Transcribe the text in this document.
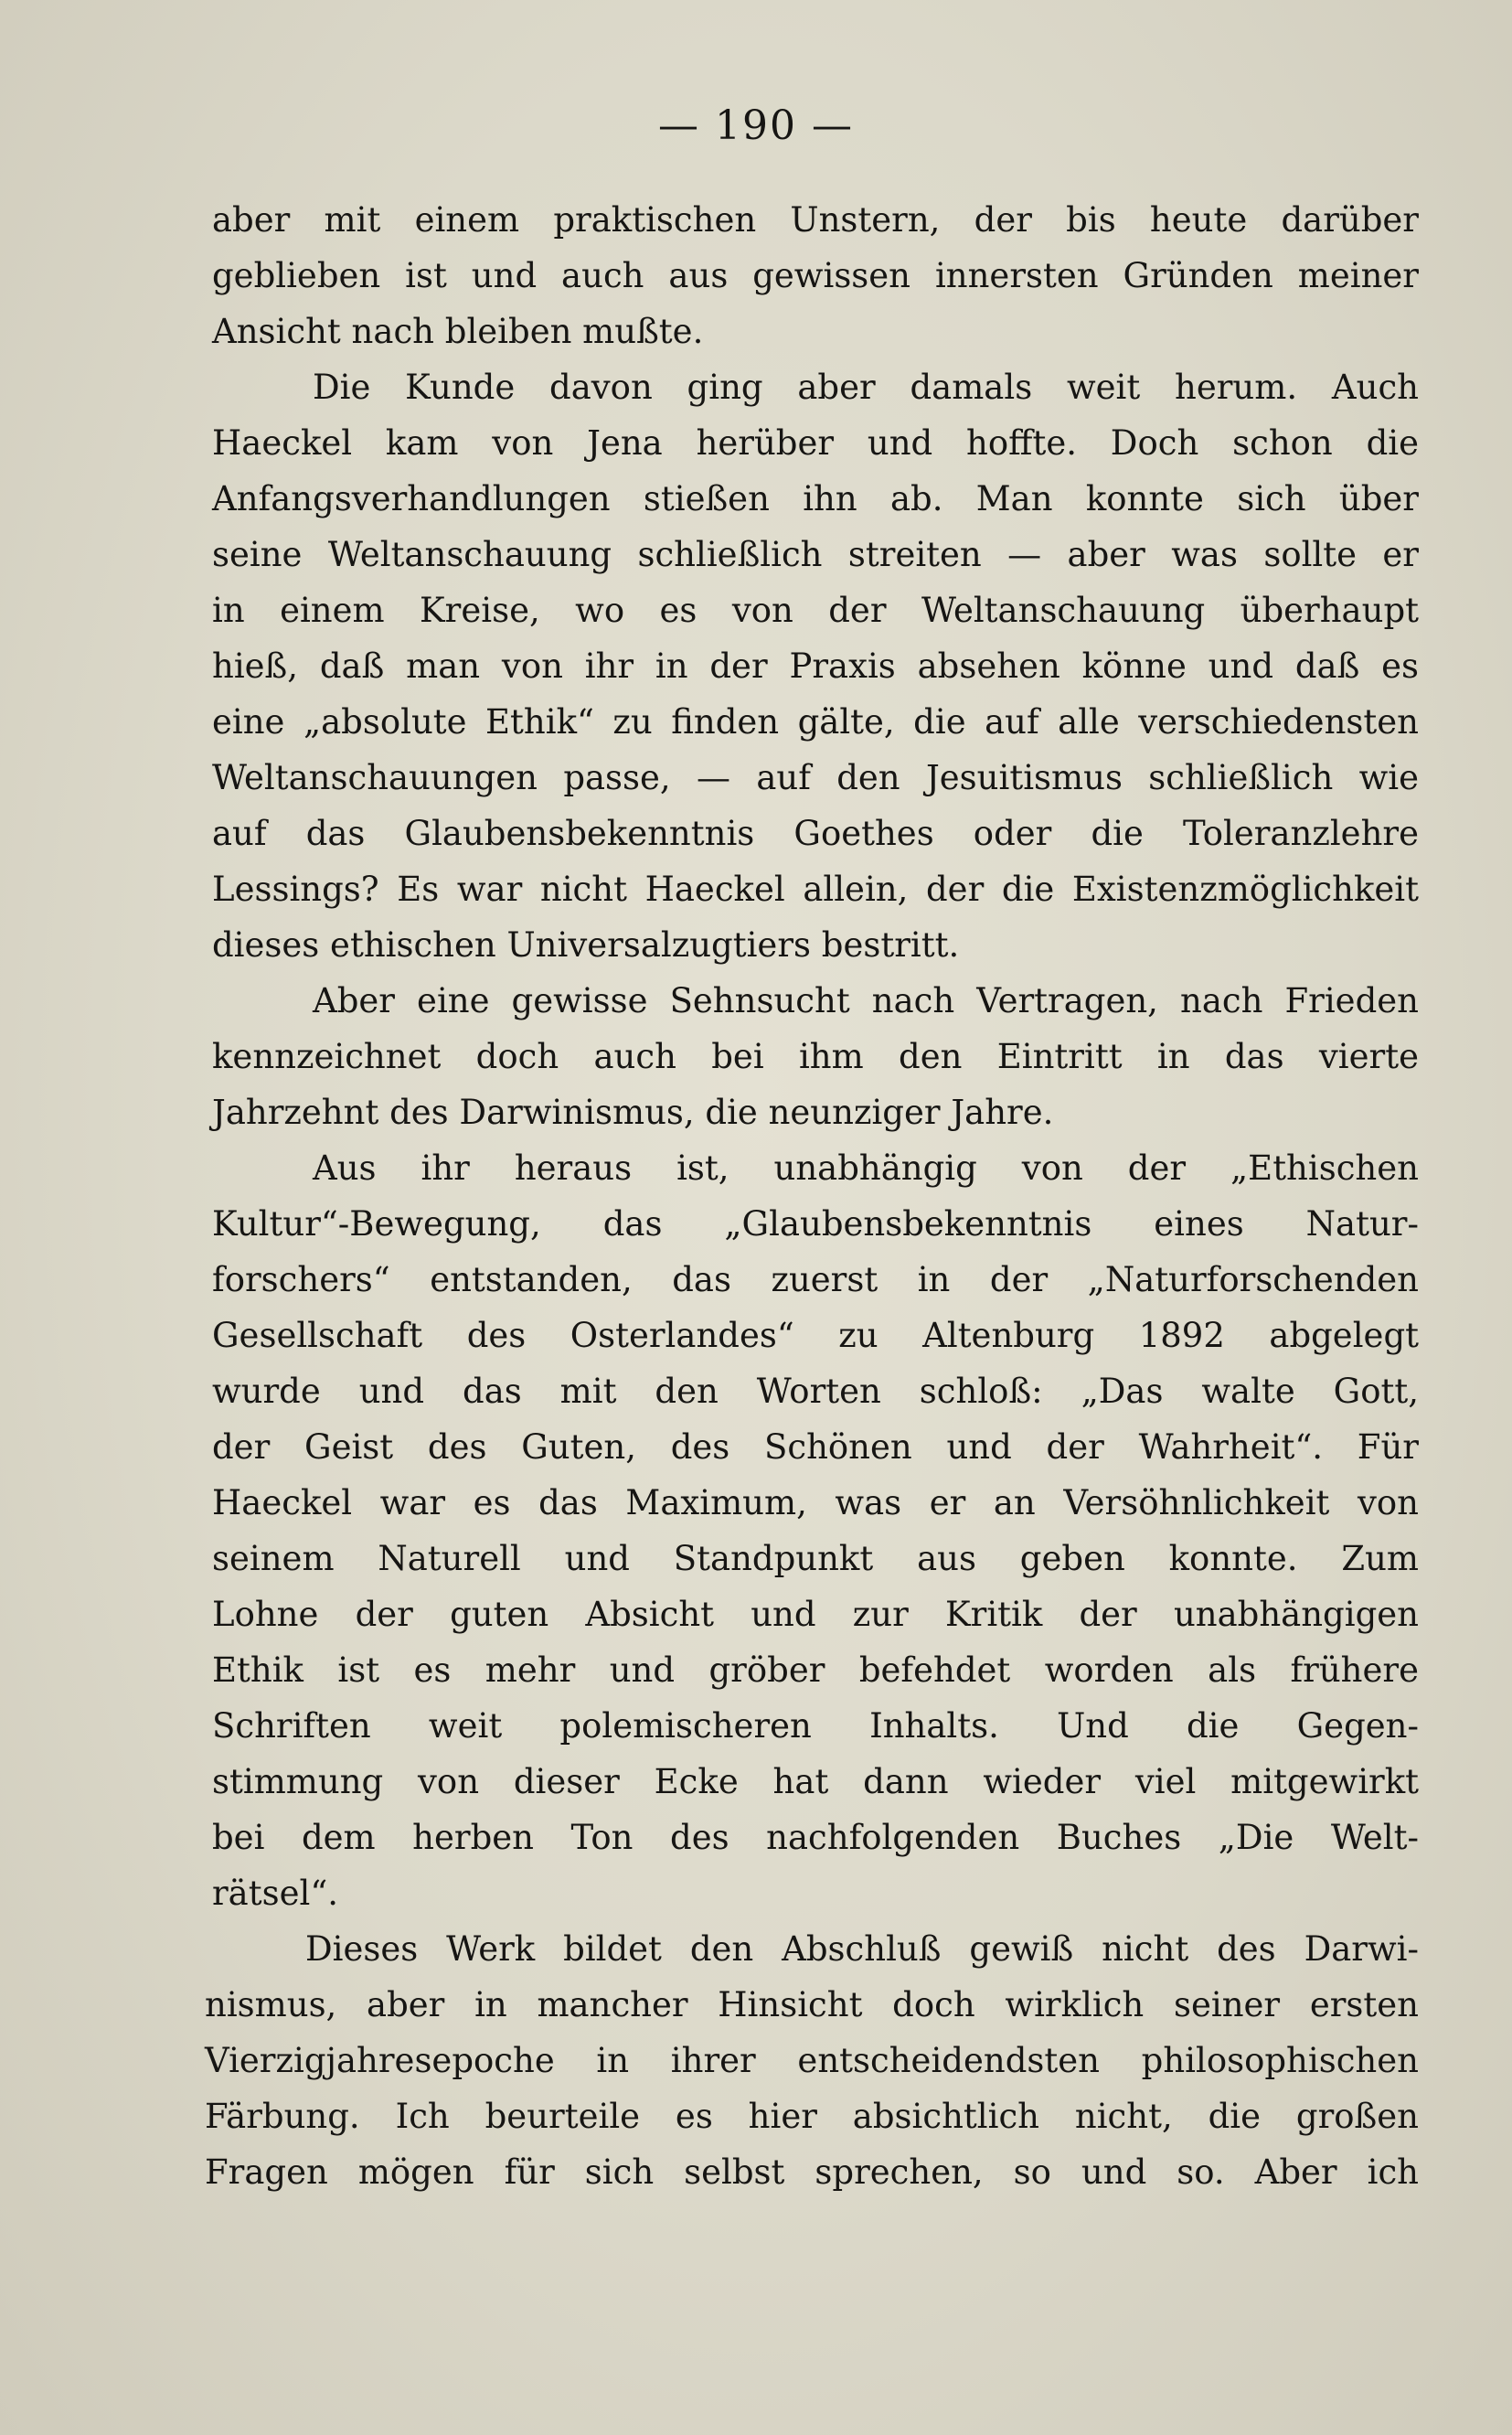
— 190 —
aber mit einem praktischen Unstern, der bis heute darüber
geblieben ist und auch aus gewissen innersten Gründen meiner
Ansicht nach bleiben mußte.
Die Kunde davon ging aber damals weit herum. Auch
Haeckel kam von Jena herüber und hoffte. Doch schon die
Anfangsverhandlungen stießen ihn ab. Man konnte sich über
seine Weltanschauung schließlich streiten — aber was sollte er
in einem Kreise, wo es von der Weltanschauung überhaupt
hieß, daß man von ihr in der Praxis absehen könne und daß es
eine „absolute Ethik“ zu finden gälte, die auf alle verschiedensten
Weltanschauungen passe, — auf den Jesuitismus schließlich wie
auf das Glaubensbekenntnis Goethes oder die Toleranzlehre
Lessings? Es war nicht Haeckel allein, der die Existenzmöglichkeit
dieses ethischen Universalzugtiers bestritt.
Aber eine gewisse Sehnsucht nach Vertragen, nach Frieden
kennzeichnet doch auch bei ihm den Eintritt in das vierte
Jahrzehnt des Darwinismus, die neunziger Jahre.
Aus ihr heraus ist, unabhängig von der „Ethischen
Kultur“-Bewegung, das „Glaubensbekenntnis eines Natur-
forschers“ entstanden, das zuerst in der „Naturforschenden
Gesellschaft des Osterlandes“ zu Altenburg 1892 abgelegt
wurde und das mit den Worten schloß: „Das walte Gott,
der Geist des Guten, des Schönen und der Wahrheit“. Für
Haeckel war es das Maximum, was er an Versöhnlichkeit von
seinem Naturell und Standpunkt aus geben konnte. Zum
Lohne der guten Absicht und zur Kritik der unabhängigen
Ethik ist es mehr und gröber befehdet worden als frühere
Schriften weit polemischeren Inhalts. Und die Gegen-
stimmung von dieser Ecke hat dann wieder viel mitgewirkt
bei dem herben Ton des nachfolgenden Buches „Die Welt-
rätsel“.
Dieses Werk bildet den Abschluß gewiß nicht des Darwi-
nismus, aber in mancher Hinsicht doch wirklich seiner ersten
Vierzigjahresepoche in ihrer entscheidendsten philosophischen
Färbung. Ich beurteile es hier absichtlich nicht, die großen
Fragen mögen für sich selbst sprechen, so und so. Aber ich
